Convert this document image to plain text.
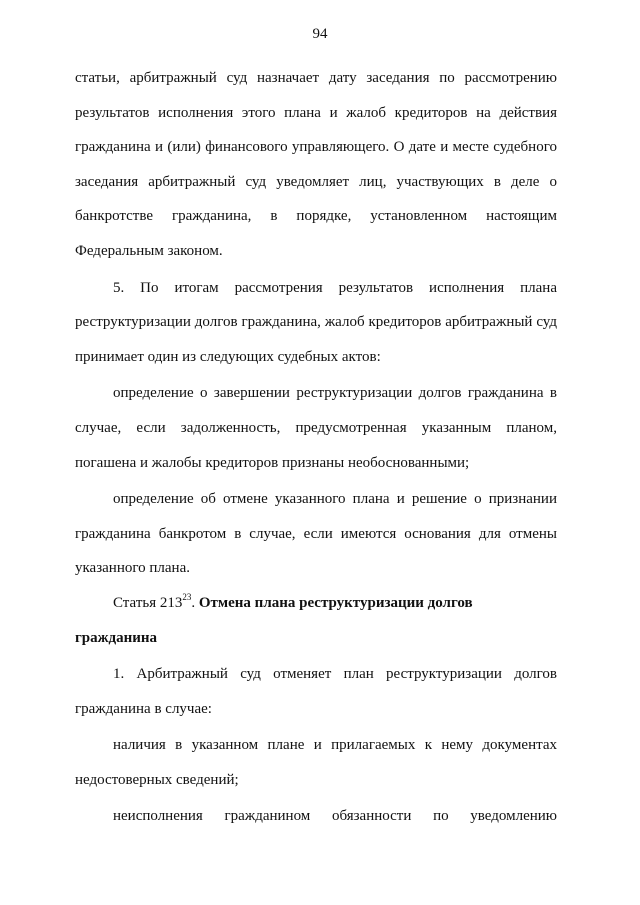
94

статьи, арбитражный суд назначает дату заседания по рассмотрению результатов исполнения этого плана и жалоб кредиторов на действия гражданина и (или) финансового управляющего. О дате и месте судебного заседания арбитражный суд уведомляет лиц, участвующих в деле о банкротстве гражданина, в порядке, установленном настоящим Федеральным законом.

5. По итогам рассмотрения результатов исполнения плана реструктуризации долгов гражданина, жалоб кредиторов арбитражный суд принимает один из следующих судебных актов:

определение о завершении реструктуризации долгов гражданина в случае, если задолженность, предусмотренная указанным планом, погашена и жалобы кредиторов признаны необоснованными;

определение об отмене указанного плана и решение о признании гражданина банкротом в случае, если имеются основания для отмены указанного плана.

Статья $213^{23}$. Отмена плана реструктуризации долгов гражданина

1. Арбитражный суд отменяет план реструктуризации долгов гражданина в случае:

наличия в указанном плане и прилагаемых к нему документах недостоверных сведений;

неисполнения гражданином обязанности по уведомлению
